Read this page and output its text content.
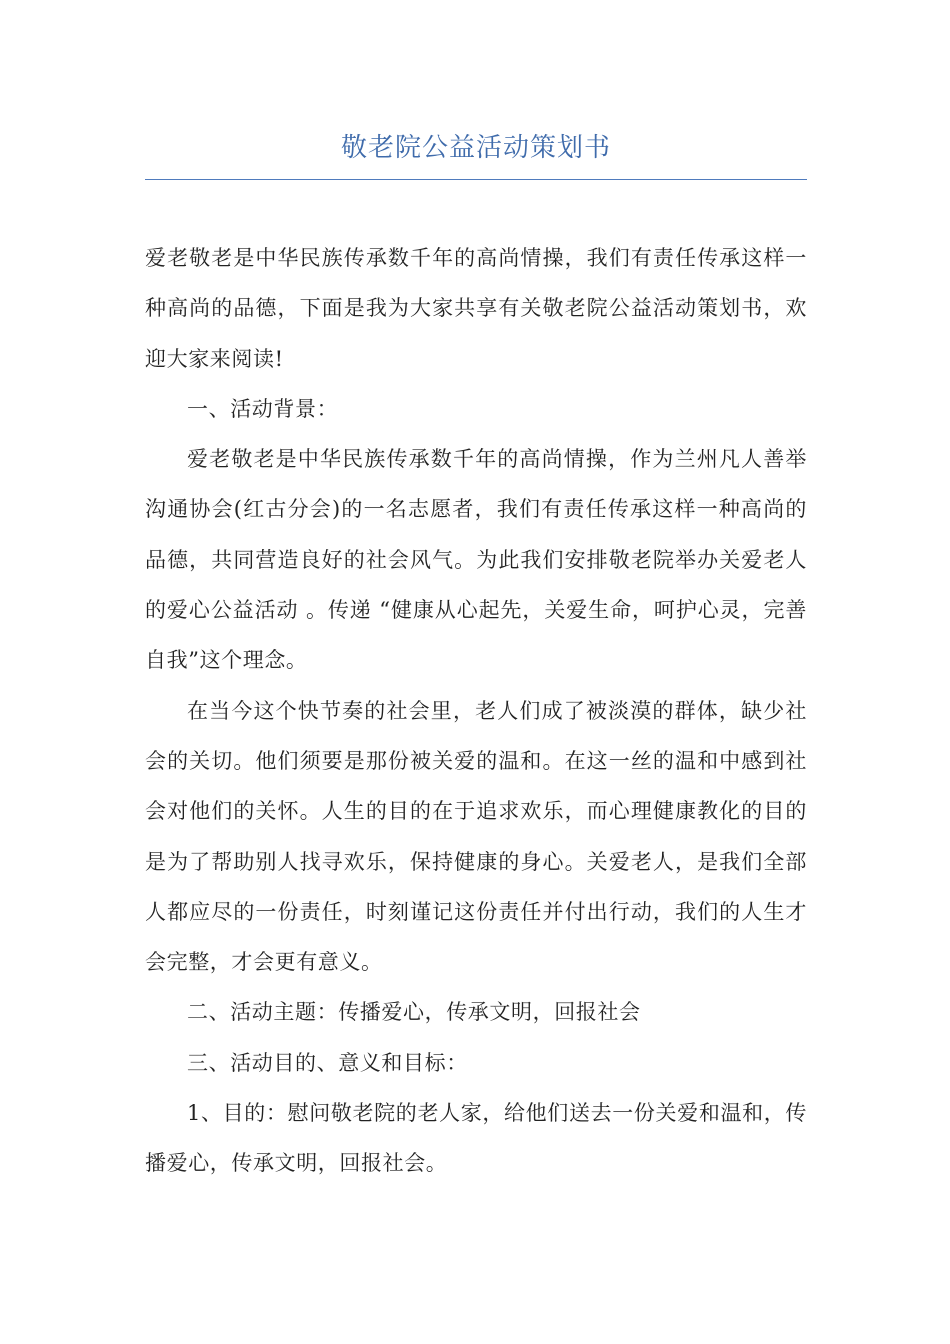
敬老院公益活动策划书

爱老敬老是中华民族传承数千年的高尚情操，我们有责任传承这样一种高尚的品德，下面是我为大家共享有关敬老院公益活动策划书，欢迎大家来阅读!

一、活动背景：

爱老敬老是中华民族传承数千年的高尚情操，作为兰州凡人善举沟通协会(红古分会)的一名志愿者，我们有责任传承这样一种高尚的品德，共同营造良好的社会风气。为此我们安排敬老院举办关爱老人的爱心公益活动 。传递 “健康从心起先，关爱生命，呵护心灵，完善自我”这个理念。

在当今这个快节奏的社会里，老人们成了被淡漠的群体，缺少社会的关切。他们须要是那份被关爱的温和。在这一丝的温和中感到社会对他们的关怀。人生的目的在于追求欢乐，而心理健康教化的目的是为了帮助别人找寻欢乐，保持健康的身心。关爱老人，是我们全部人都应尽的一份责任，时刻谨记这份责任并付出行动，我们的人生才会完整，才会更有意义。

二、活动主题：传播爱心，传承文明，回报社会

三、活动目的、意义和目标：

1、目的：慰问敬老院的老人家，给他们送去一份关爱和温和，传播爱心，传承文明，回报社会。
